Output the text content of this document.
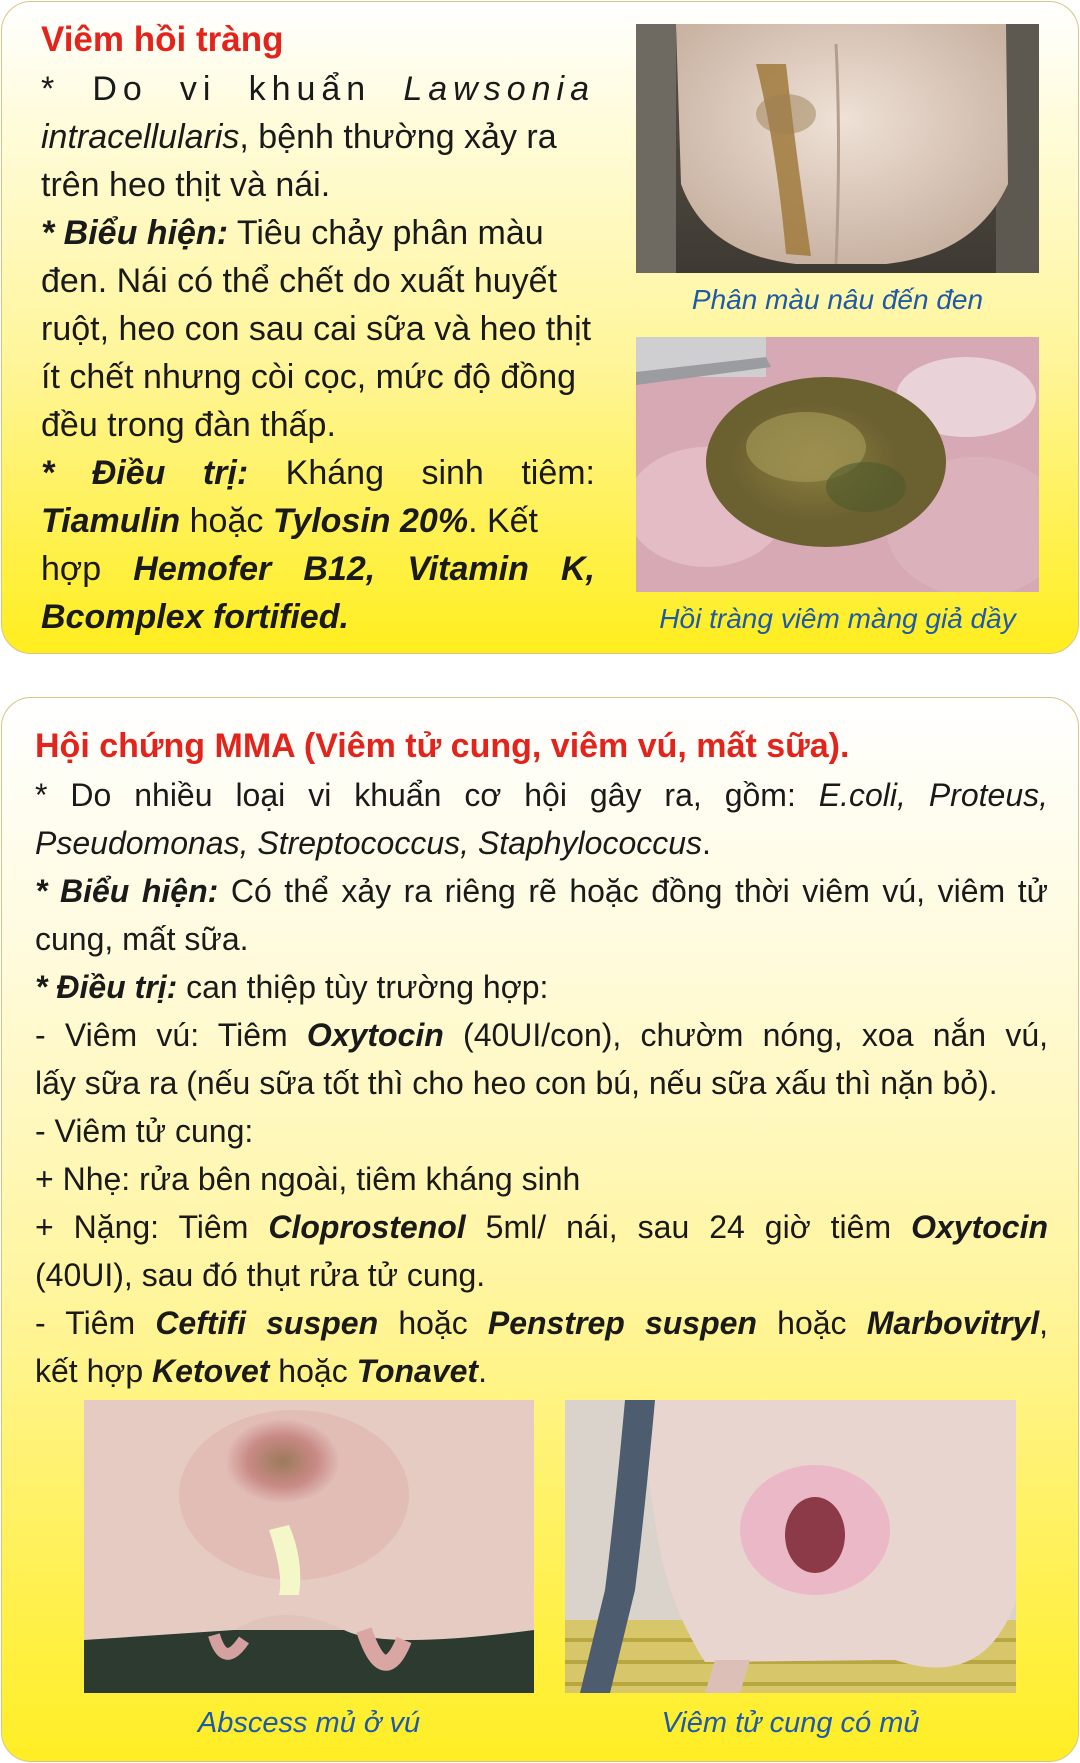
Viêm hồi tràng
* Do vi khuẩn Lawsonia
intracellularis, bệnh thường xảy ra
trên heo thịt và nái.
* Biểu hiện: Tiêu chảy phân màu
đen. Nái có thể chết do xuất huyết
ruột, heo con sau cai sữa và heo thịt
ít chết nhưng còi cọc, mức độ đồng
đều trong đàn thấp.
* Điều trị: Kháng sinh tiêm:
Tiamulin hoặc Tylosin 20%. Kết
hợp Hemofer B12, Vitamin K,
Bcomplex fortified.
Phân màu nâu đến đen
Hồi tràng viêm màng giả dầy
Hội chứng MMA (Viêm tử cung, viêm vú, mất sữa).
* Do nhiều loại vi khuẩn cơ hội gây ra, gồm: E.coli, Proteus,
Pseudomonas, Streptococcus, Staphylococcus.
* Biểu hiện: Có thể xảy ra riêng rẽ hoặc đồng thời viêm vú, viêm tử
cung, mất sữa.
* Điều trị: can thiệp tùy trường hợp:
- Viêm vú: Tiêm Oxytocin (40UI/con), chườm nóng, xoa nắn vú,
lấy sữa ra (nếu sữa tốt thì cho heo con bú, nếu sữa xấu thì nặn bỏ).
- Viêm tử cung:
+ Nhẹ: rửa bên ngoài, tiêm kháng sinh
+ Nặng: Tiêm Cloprostenol 5ml/ nái, sau 24 giờ tiêm Oxytocin
(40UI), sau đó thụt rửa tử cung.
- Tiêm Ceftifi suspen hoặc Penstrep suspen hoặc Marbovitryl,
kết hợp Ketovet hoặc Tonavet.
Abscess mủ ở vú	Viêm tử cung có mủ
